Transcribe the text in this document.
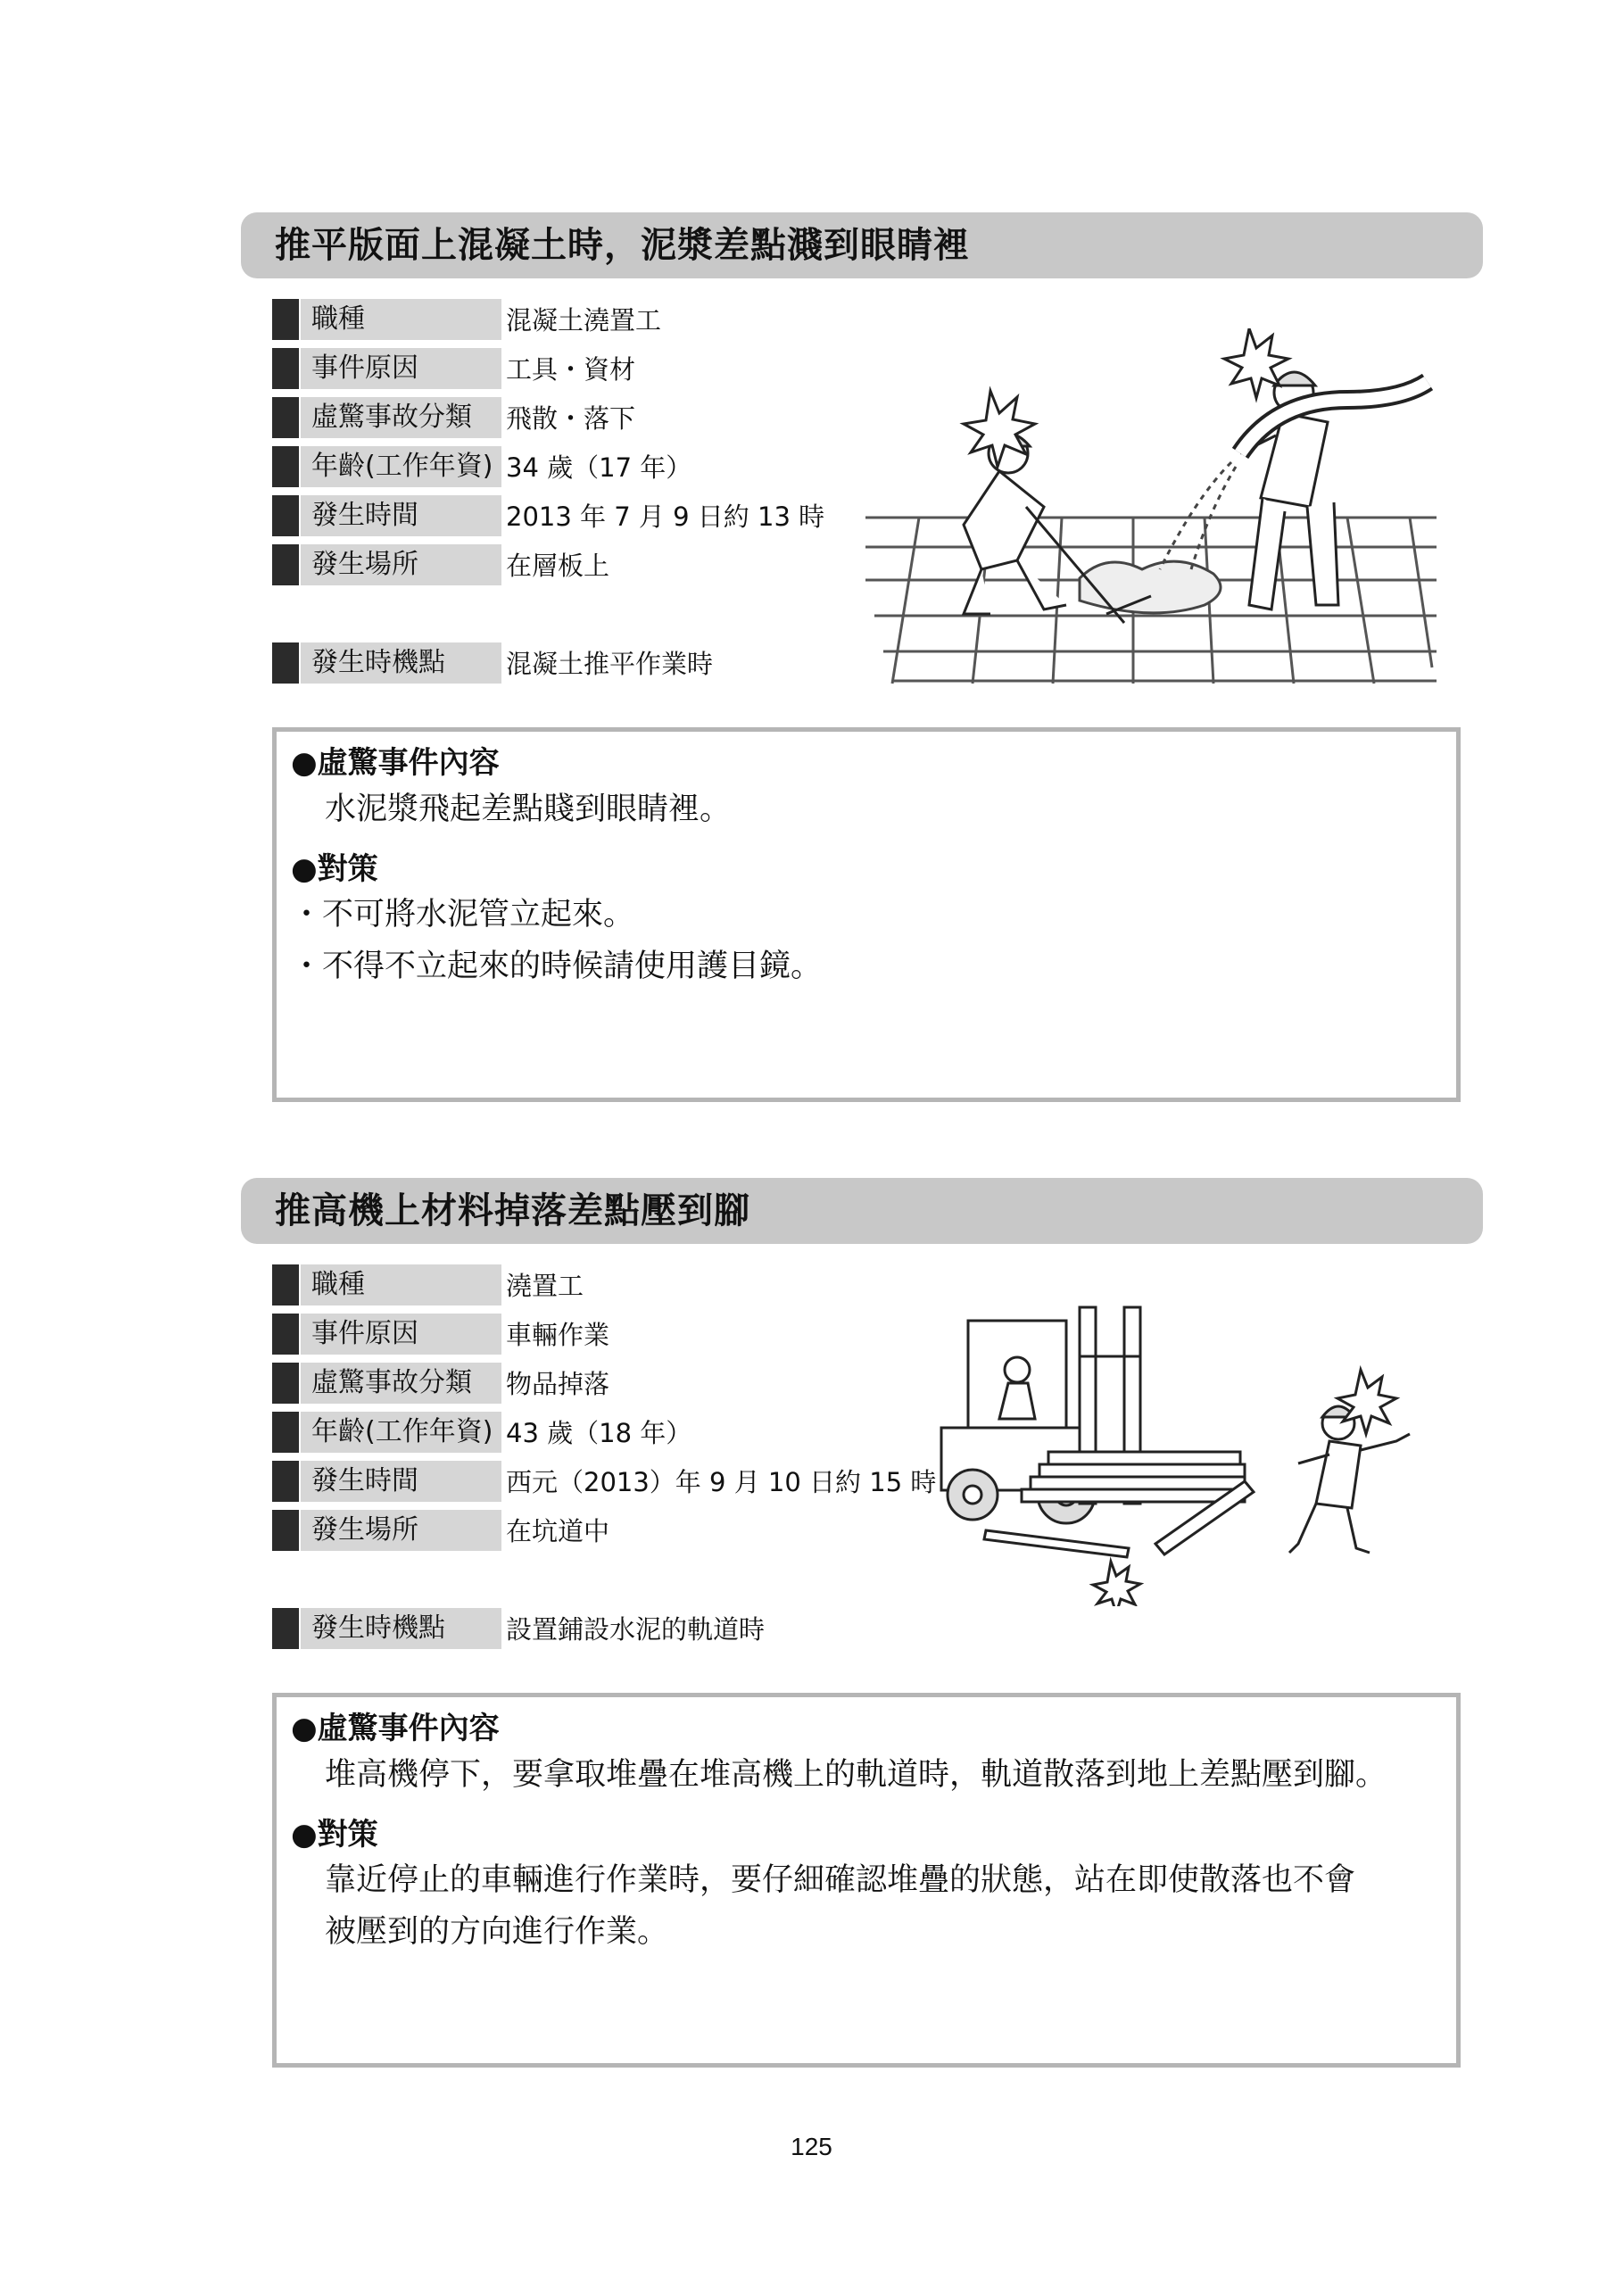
推平版面上混凝土時，泥漿差點濺到眼睛裡
職種	混凝土澆置工
事件原因	工具・資材
虛驚事故分類	飛散・落下
年齡(工作年資) 34 歲（17 年）
發生時間	2013 年 7 月 9 日約 13 時
發生場所	在層板上
發生時機點	混凝土推平作業時
●虛驚事件內容
水泥漿飛起差點賤到眼睛裡。
●對策
・不可將水泥管立起來。
・不得不立起來的時候請使用護目鏡。
推高機上材料掉落差點壓到腳
職種	澆置工
事件原因	車輛作業
虛驚事故分類	物品掉落
年齡(工作年資) 43 歲（18 年）
發生時間	西元（2013）年 9 月 10 日約 15 時
發生場所	在坑道中
發生時機點	設置鋪設水泥的軌道時
●虛驚事件內容
堆高機停下，要拿取堆疊在堆高機上的軌道時，軌道散落到地上差點壓到腳。
●對策
靠近停止的車輛進行作業時，要仔細確認堆疊的狀態，站在即使散落也不會
被壓到的方向進行作業。
125
